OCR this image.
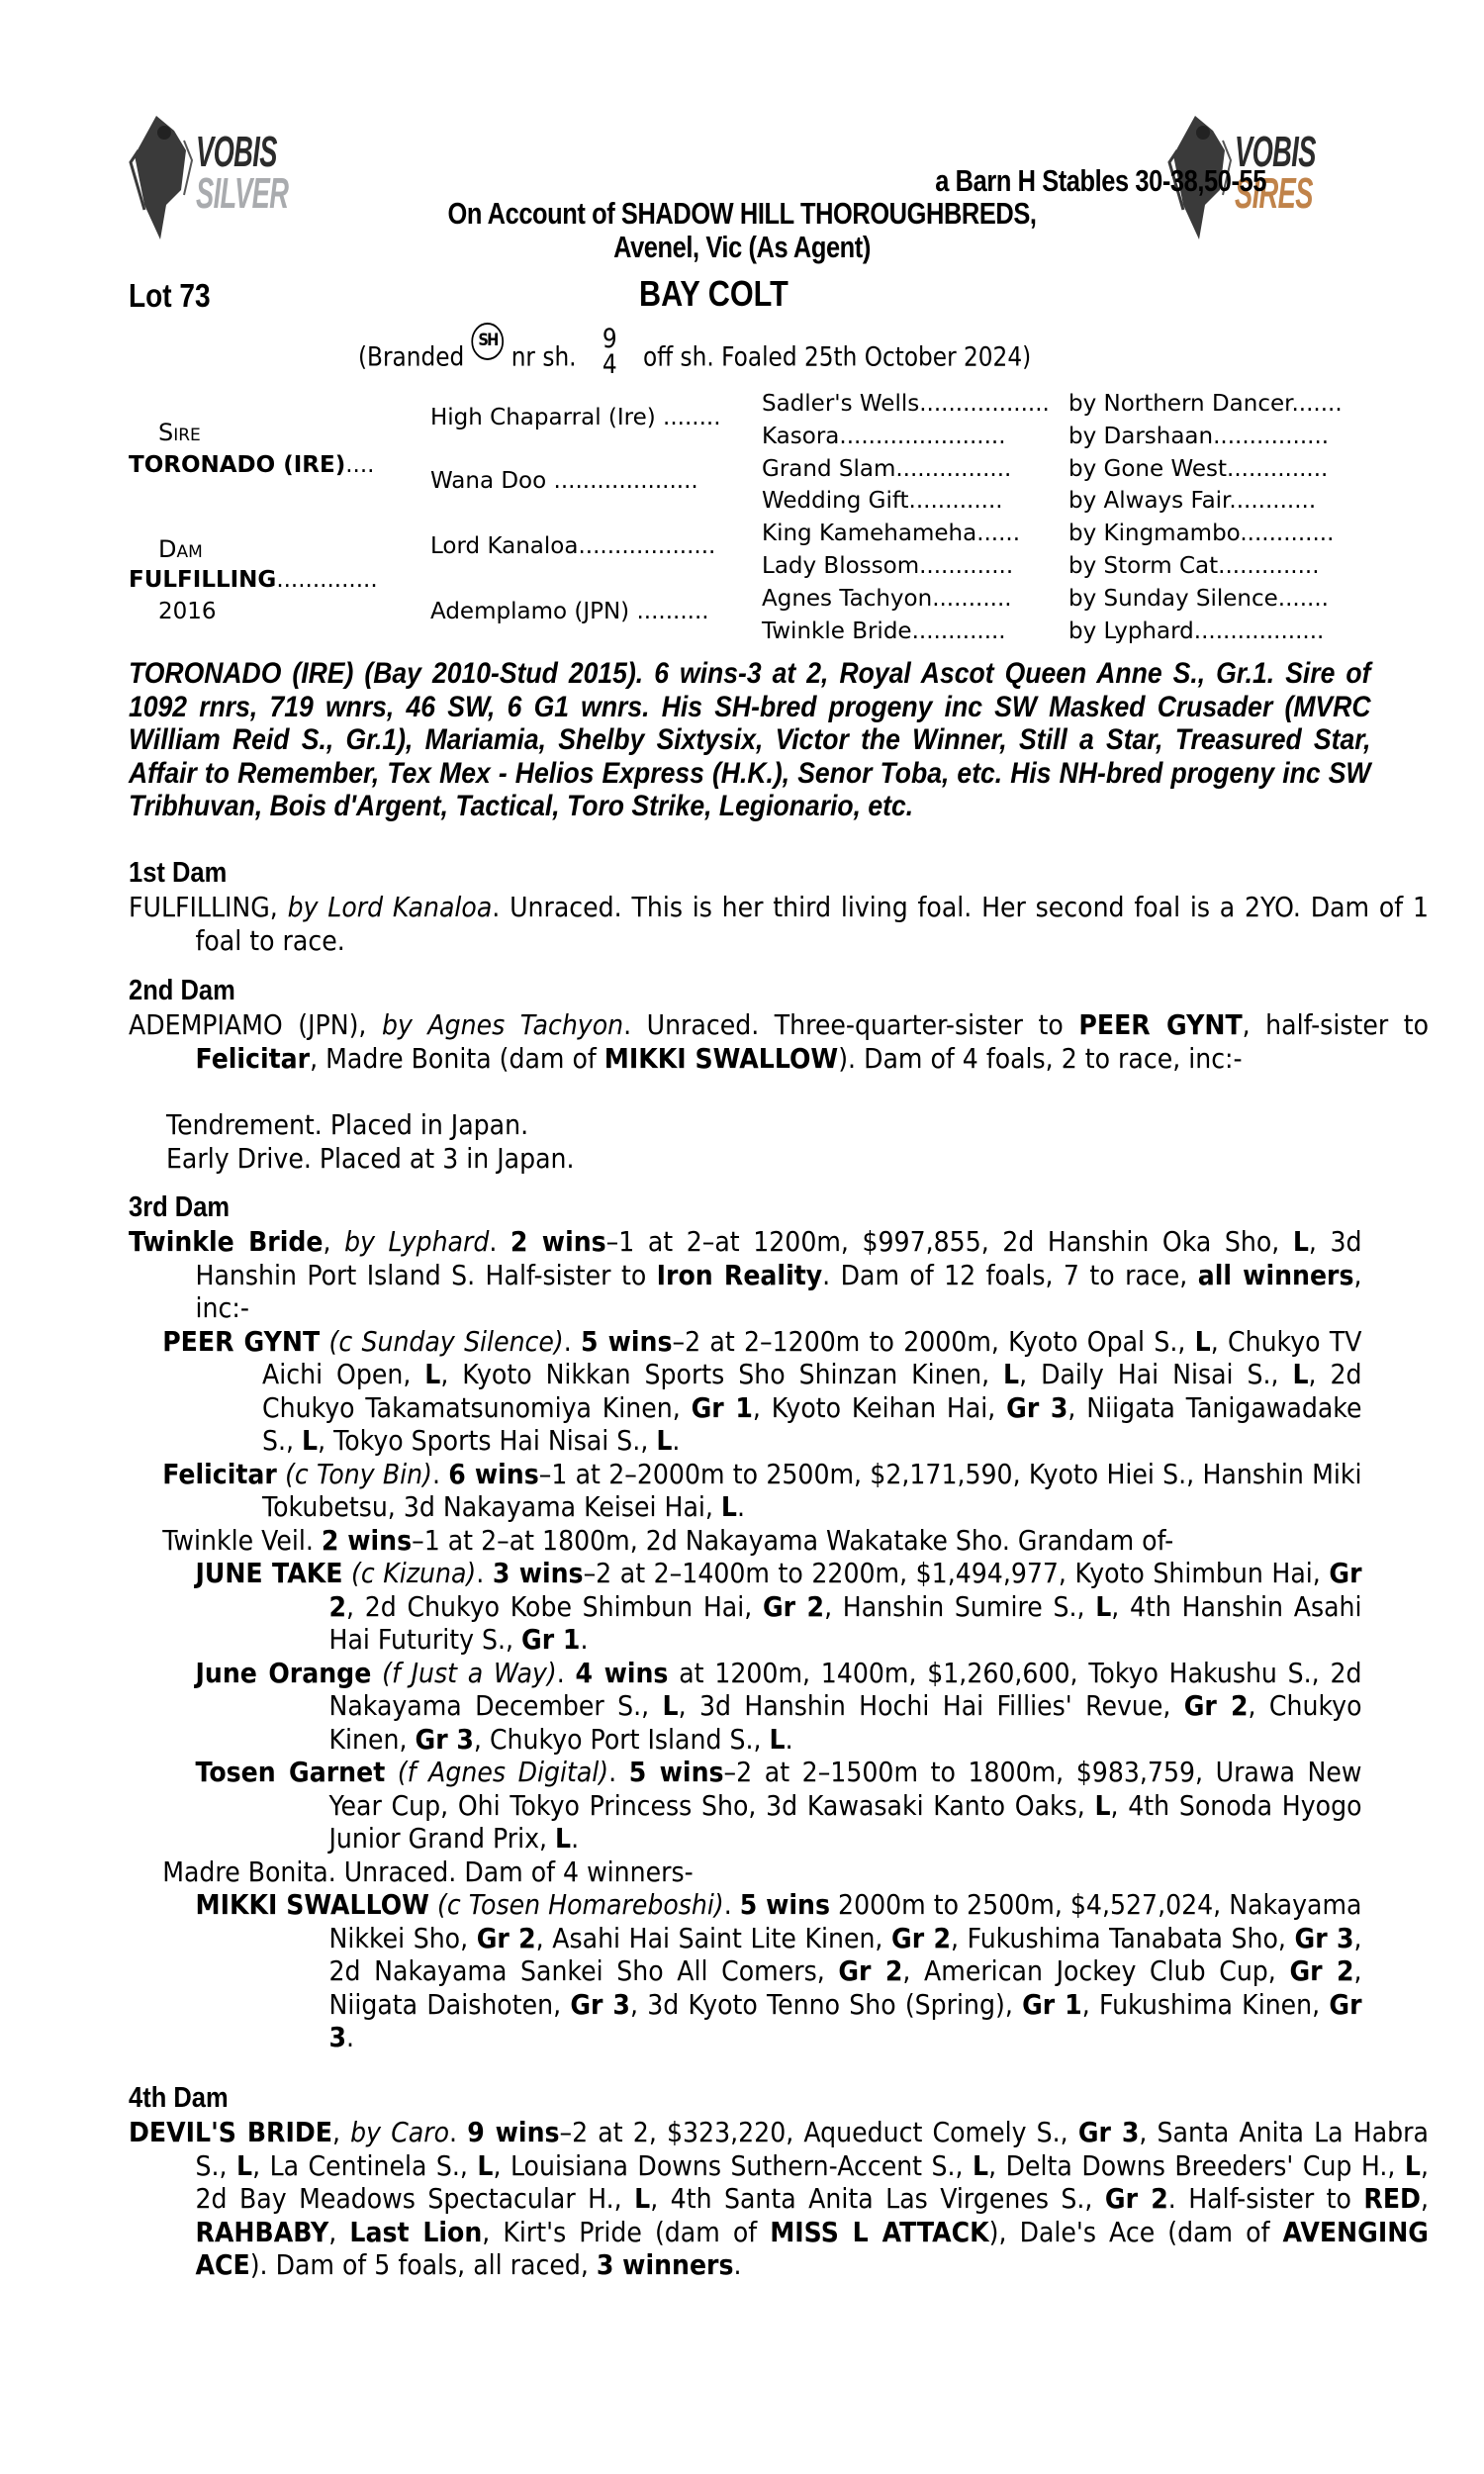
VOBIS
SILVER
VOBIS
SIRES
a Barn H Stables 30-38,50-55
On Account of SHADOW HILL THOROUGHBREDS,
Avenel, Vic (As Agent)
Lot 73	BAY COLT
(Branded SH nr sh.
9
4 off sh. Foaled 25th October 2024)
Sire
TORONADO (IRE)....
Dam
FULFILLING..............
2016
High Chaparral (Ire) ........
Wana Doo ....................
Lord Kanaloa...................
Ademplamo (JPN) ..........
Sadler's Wells.................. by Northern Dancer.......
Kasora.......................	by Darshaan................
Grand Slam................	by Gone West..............
Wedding Gift.............	by Always Fair............
King Kamehameha...... by Kingmambo.............
Lady Blossom............. by Storm Cat..............
Agnes Tachyon........... by Sunday Silence.......
Twinkle Bride.............	by Lyphard..................
TORONADO (IRE) (Bay 2010-Stud 2015). 6 wins-3 at 2, Royal Ascot Queen Anne S., Gr.1. Sire of 1092 rnrs, 719 wnrs, 46 SW, 6 G1 wnrs. His SH-bred progeny inc SW Masked Crusader (MVRC William Reid S., Gr.1), Mariamia, Shelby Sixtysix, Victor the Winner, Still a Star, Treasured Star, Affair to Remember, Tex Mex - Helios Express (H.K.), Senor Toba, etc. His NH-bred progeny inc SW Tribhuvan, Bois d'Argent, Tactical, Toro Strike, Legionario, etc.
1st Dam
FULFILLING, by Lord Kanaloa. Unraced. This is her third living foal. Her second foal is a 2YO. Dam of 1 foal to race.
2nd Dam
ADEMPIAMO (JPN), by Agnes Tachyon. Unraced. Three-quarter-sister to PEER GYNT, half-sister to Felicitar, Madre Bonita (dam of MIKKI SWALLOW). Dam of 4 foals, 2 to race, inc:-
Tendrement. Placed in Japan.
Early Drive. Placed at 3 in Japan.
3rd Dam
Twinkle Bride, by Lyphard. 2 wins–1 at 2–at 1200m, $997,855, 2d Hanshin Oka Sho, L, 3d Hanshin Port Island S. Half-sister to Iron Reality. Dam of 12 foals, 7 to race, all winners, inc:-
PEER GYNT (c Sunday Silence). 5 wins–2 at 2–1200m to 2000m, Kyoto Opal S., L, Chukyo TV Aichi Open, L, Kyoto Nikkan Sports Sho Shinzan Kinen, L, Daily Hai Nisai S., L, 2d Chukyo Takamatsunomiya Kinen, Gr 1, Kyoto Keihan Hai, Gr 3, Niigata Tanigawadake S., L, Tokyo Sports Hai Nisai S., L.
Felicitar (c Tony Bin). 6 wins–1 at 2–2000m to 2500m, $2,171,590, Kyoto Hiei S., Hanshin Miki Tokubetsu, 3d Nakayama Keisei Hai, L.
Twinkle Veil. 2 wins–1 at 2–at 1800m, 2d Nakayama Wakatake Sho. Grandam of-
JUNE TAKE (c Kizuna). 3 wins–2 at 2–1400m to 2200m, $1,494,977, Kyoto Shimbun Hai, Gr 2, 2d Chukyo Kobe Shimbun Hai, Gr 2, Hanshin Sumire S., L, 4th Hanshin Asahi Hai Futurity S., Gr 1.
June Orange (f Just a Way). 4 wins at 1200m, 1400m, $1,260,600, Tokyo Hakushu S., 2d Nakayama December S., L, 3d Hanshin Hochi Hai Fillies' Revue, Gr 2, Chukyo Kinen, Gr 3, Chukyo Port Island S., L.
Tosen Garnet (f Agnes Digital). 5 wins–2 at 2–1500m to 1800m, $983,759, Urawa New Year Cup, Ohi Tokyo Princess Sho, 3d Kawasaki Kanto Oaks, L, 4th Sonoda Hyogo Junior Grand Prix, L.
Madre Bonita. Unraced. Dam of 4 winners-
MIKKI SWALLOW (c Tosen Homareboshi). 5 wins 2000m to 2500m, $4,527,024, Nakayama Nikkei Sho, Gr 2, Asahi Hai Saint Lite Kinen, Gr 2, Fukushima Tanabata Sho, Gr 3, 2d Nakayama Sankei Sho All Comers, Gr 2, American Jockey Club Cup, Gr 2, Niigata Daishoten, Gr 3, 3d Kyoto Tenno Sho (Spring), Gr 1, Fukushima Kinen, Gr 3.
4th Dam
DEVIL'S BRIDE, by Caro. 9 wins–2 at 2, $323,220, Aqueduct Comely S., Gr 3, Santa Anita La Habra S., L, La Centinela S., L, Louisiana Downs Suthern-Accent S., L, Delta Downs Breeders' Cup H., L, 2d Bay Meadows Spectacular H., L, 4th Santa Anita Las Virgenes S., Gr 2. Half-sister to RED, RAHBABY, Last Lion, Kirt's Pride (dam of MISS L ATTACK), Dale's Ace (dam of AVENGING ACE). Dam of 5 foals, all raced, 3 winners.
